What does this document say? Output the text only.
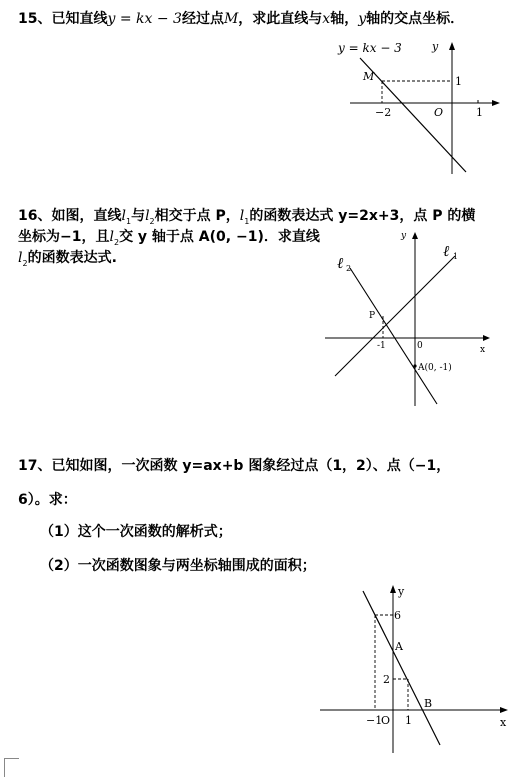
15、已知直线y = kx − 3经过点M，求此直线与x轴，y轴的交点坐标．
y = kx − 3	y
M	1
−2	O	1
16、如图，直线$l_1$与$l_2$相交于点 P，$l_1$的函数表达式 y=2x+3，点 P 的横
坐标为−1，且$l_2$交 y 轴于点 A(0, −1)．求直线
$l_2$的函数表达式.	ℓ 1
ℓ 2
y
x
P
-1	0
A(0, -1)
17、已知如图，一次函数 y=ax+b 图象经过点（1，2）、点（−1，
6）。求：
（1）这个一次函数的解析式；
（2）一次函数图象与两坐标轴围成的面积；
y
x
6
A
2
B
−1
O 1
